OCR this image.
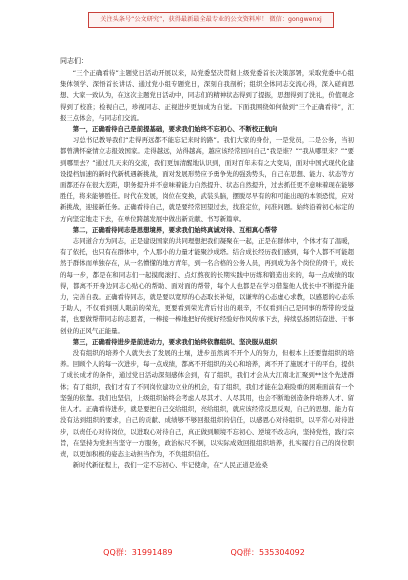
关注头条号“公文研究”，获得最新最全最专业的公文资料库！ 微信：gongwenxj

同志们：

“三个正确看待”主题党日活动开展以来，局党委坚决贯彻上级党委首长决策部署，采取党委中心组集体领学、深悟首长讲话、通过党小组专题党日，深刻自我剖析；组织全体同志交流心得，深入磋商思想、大家一致认为，在这次主题党日活动中，同志们的精神状态得到了提振，思想得到了洗礼，价值观念得到了校准；检视自己，珍视同志、正视进步更加成为自觉。下面我围绕如何做到“三个正确看待”，汇报三点体会，与同志们交流。

第一，正确看待自己是前提基础，要求我们始终不忘初心、不断校正航向

习总书记教导我们“走得再远都不能忘记来时的路”。我们大家的身份，一是党员，二是公务，当初都曾满怀豪情立志报效国家。走得越远，站得越高，越应该经常回问自己“我是谁？”“我从哪里来？”“要到哪里去？”通过几天来的交流，我们更加清醒地认识到，面对百年未有之大变局，面对中国式现代化建设提档加速的新时代新机遇新挑战，面对发展形势应予勇争先的强劲势头，自己在思想、能力、状态等方面都还存在很大差距，职务提升并不意味着能力自然提升、状态自然提升，过去抓任更不意味着现在能够胜任，将来能够胜任。时代在发展，岗位在变换，武装头脑，摆脱尽早有的和可能出现的本领恐慌，应对新挑战，迎接新任务。正确看待自己，就是要经常回望过去，找准定位，问准问题。始终沿着初心标定的方向坚定地走下去，在单位跨越发展中做出新贡献、书写新篇章。

第二，正确看待同志是思想境界，要求我们始终真诚对待、互相真心帮带

志同道合方为同志，正是建设国家的共同理想把我们凝聚在一起，正是在群体中，个体才有了温暖，有了依托，也只有在群体中，个人那小的力量才能聚沙成塔。结合成长经历我们感到，每个人都不可能超然于群体而单独存在，从一名懵懂的地方青年，到一名合格的公务人员，再到成为各个岗位的骨干，成长的每一步，都是在和同志们一起摸爬滚打、点灯熬夜的长期实践中历练和锻造出来的，每一点成绩的取得，都离不开身边同志心贴心的帮助、面对面的帮带，每个人也都是在学习借鉴他人优长中不断提升能力，完善自我。正确看待同志，就是要以宽厚的心态取长补短，以谦卑的心态虚心求教，以感恩的心态乐于助人，不仅看到别人眼前的荣光，更要看到荣光背后付出的艰辛，不仅看到自己是同事的帮带的受益者，也要做帮带同志的志愿者，一棒接一棒地把好传统好经验好作风传承下去，持续弘扬团结奋进、干事创业的正风气正能量。

第三，正确看待进步是前进动力，要求我们始终依靠组织、坚决服从组织

没有组织的培养个人就失去了发展的土壤，进步虽然离不开个人的努力，但根本上还要靠组织的培养。回顾个人的每一次进步，每一点成绩，都离不开组织的关心和培养，离不开了施展才干的平台，提供了成长成才的条件，通过党日活动深刻感体会到，有了组织，我们才会从大江南北汇聚到**这个先进群体；有了组织，我们才有了不同岗位建功立业的机会，有了组织，我们才能在急难险重的困难面前有一个坚强的依靠。我们也坚信，上级组织始终会考虑人尽其才、人尽其用，也会不断地创造条件培养人才、留住人才。正确看待进步，就是要把自己交给组织，亮给组织，就应该经常反思反观，自己的思想、能力有没有达到组织的要求，自己的贡献、成绩够不够回报组织的信任，以感恩心对待组织，以平常心对待进步，以责任心对待岗位，以进取心对待自己，真正做到顺境不忘初心、逆境不改志向，坚持党性，践行宗旨，在坚持为党担当坚守一方服务，政治标尺不倒，以实际成效回报组织培养，扎实履行自己的岗位职责，以更加积极的姿态主动担当作为，不负组织信任。

新时代新征程上，我们一定不忘初心、牢记使命，在“人民正道是沧桑

QQ群：31991489	QQ群：535304092
